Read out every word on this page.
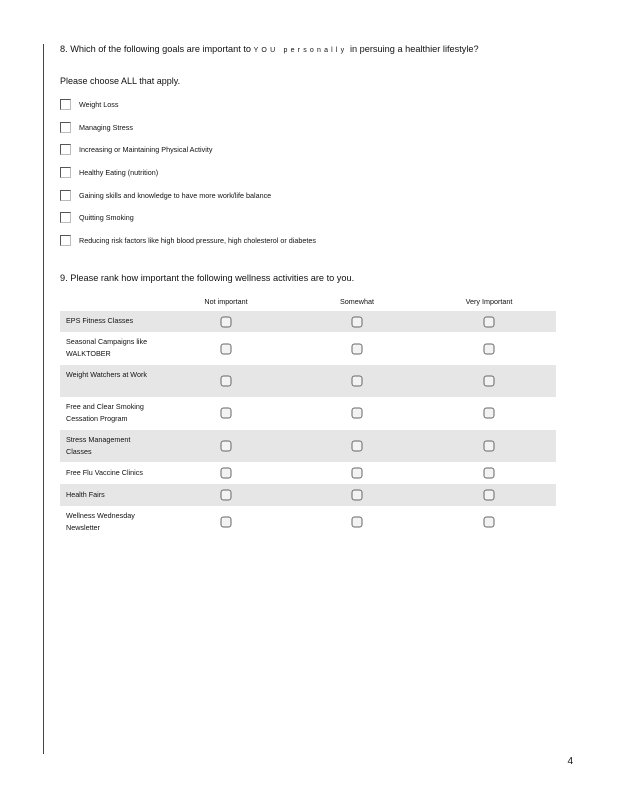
8. Which of the following goals are important to YOU personally in persuing a healthier lifestyle?
Please choose ALL that apply.
Weight Loss
Managing Stress
Increasing or Maintaining Physical Activity
Healthy Eating (nutrition)
Gaining skills and knowledge to have more work/life balance
Quitting Smoking
Reducing risk factors like high blood pressure, high cholesterol or diabetes
9. Please rank how important the following wellness activities are to you.
Not important	Somewhat	Very Important
EPS Fitness Classes
Seasonal Campaigns like WALKTOBER
Weight Watchers at Work
Free and Clear Smoking Cessation Program
Stress Management Classes
Free Flu Vaccine Clinics
Health Fairs
Wellness Wednesday Newsletter
4
